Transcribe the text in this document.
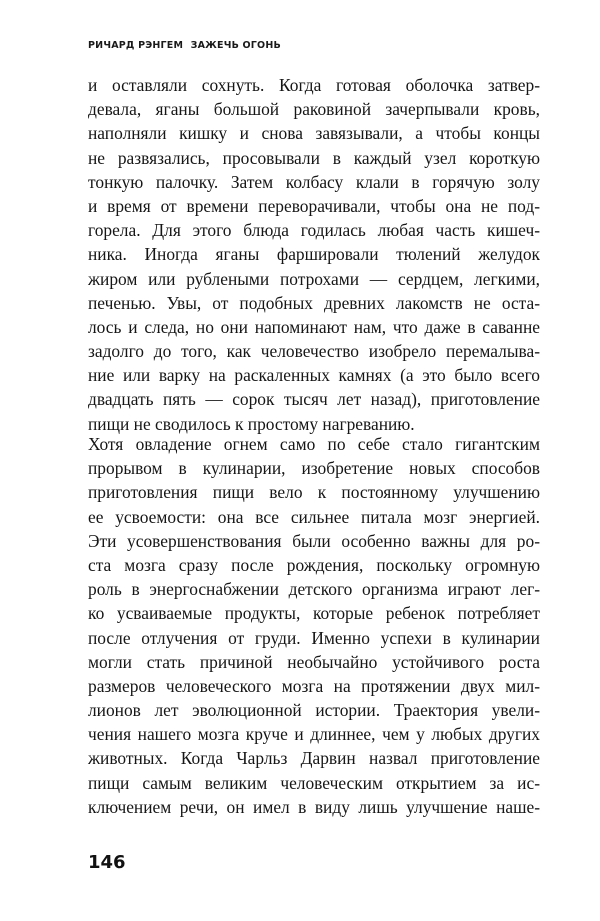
РИЧАРД РЭНГЕМ ЗАЖЕЧЬ ОГОНЬ
и оставляли сохнуть. Когда готовая оболочка затвер-
девала, яганы большой раковиной зачерпывали кровь,
наполняли кишку и снова завязывали, а чтобы концы
не развязались, просовывали в каждый узел короткую
тонкую палочку. Затем колбасу клали в горячую золу
и время от времени переворачивали, чтобы она не под-
горела. Для этого блюда годилась любая часть кишеч-
ника. Иногда яганы фаршировали тюлений желудок
жиром или рублеными потрохами — сердцем, легкими,
печенью. Увы, от подобных древних лакомств не оста-
лось и следа, но они напоминают нам, что даже в саванне
задолго до того, как человечество изобрело перемалыва-
ние или варку на раскаленных камнях (а это было всего
двадцать пять — сорок тысяч лет назад), приготовление
пищи не сводилось к простому нагреванию.
Хотя овладение огнем само по себе стало гигантским
прорывом в кулинарии, изобретение новых способов
приготовления пищи вело к постоянному улучшению
ее усвоемости: она все сильнее питала мозг энергией.
Эти усовершенствования были особенно важны для ро-
ста мозга сразу после рождения, поскольку огромную
роль в энергоснабжении детского организма играют лег-
ко усваиваемые продукты, которые ребенок потребляет
после отлучения от груди. Именно успехи в кулинарии
могли стать причиной необычайно устойчивого роста
размеров человеческого мозга на протяжении двух мил-
лионов лет эволюционной истории. Траектория увели-
чения нашего мозга круче и длиннее, чем у любых других
животных. Когда Чарльз Дарвин назвал приготовление
пищи самым великим человеческим открытием за ис-
ключением речи, он имел в виду лишь улучшение наше-
146
